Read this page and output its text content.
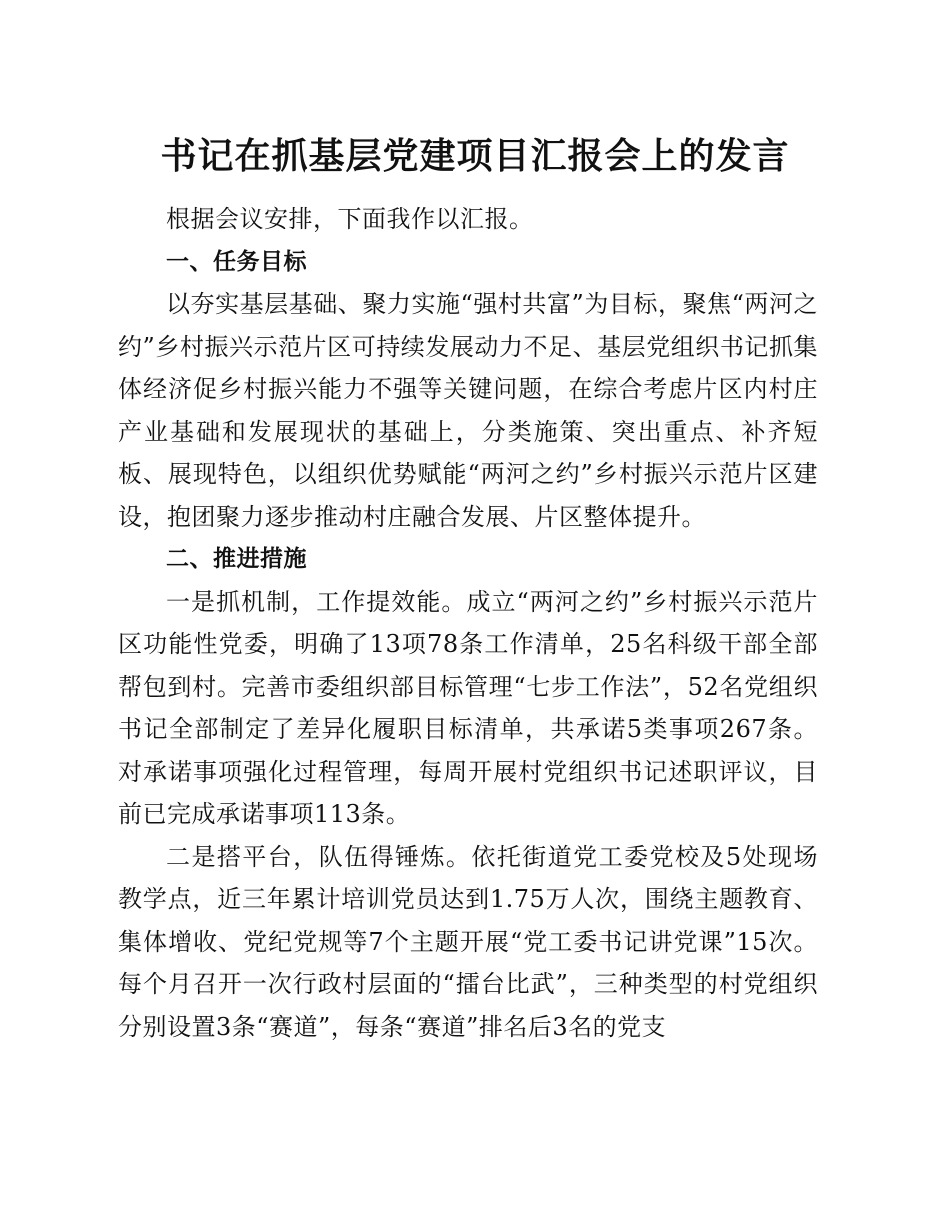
书记在抓基层党建项目汇报会上的发言

根据会议安排，下面我作以汇报。

一、任务目标

以夯实基层基础、聚力实施“强村共富”为目标，聚焦“两河之约”乡村振兴示范片区可持续发展动力不足、基层党组织书记抓集体经济促乡村振兴能力不强等关键问题，在综合考虑片区内村庄产业基础和发展现状的基础上，分类施策、突出重点、补齐短板、展现特色，以组织优势赋能“两河之约”乡村振兴示范片区建设，抱团聚力逐步推动村庄融合发展、片区整体提升。

二、推进措施

一是抓机制，工作提效能。成立“两河之约”乡村振兴示范片区功能性党委，明确了13项78条工作清单，25名科级干部全部帮包到村。完善市委组织部目标管理“七步工作法”，52名党组织书记全部制定了差异化履职目标清单，共承诺5类事项267条。对承诺事项强化过程管理，每周开展村党组织书记述职评议，目前已完成承诺事项113条。

二是搭平台，队伍得锤炼。依托街道党工委党校及5处现场教学点，近三年累计培训党员达到1.75万人次，围绕主题教育、集体增收、党纪党规等7个主题开展“党工委书记讲党课”15次。每个月召开一次行政村层面的“擂台比武”，三种类型的村党组织分别设置3条“赛道”，每条“赛道”排名后3名的党支
